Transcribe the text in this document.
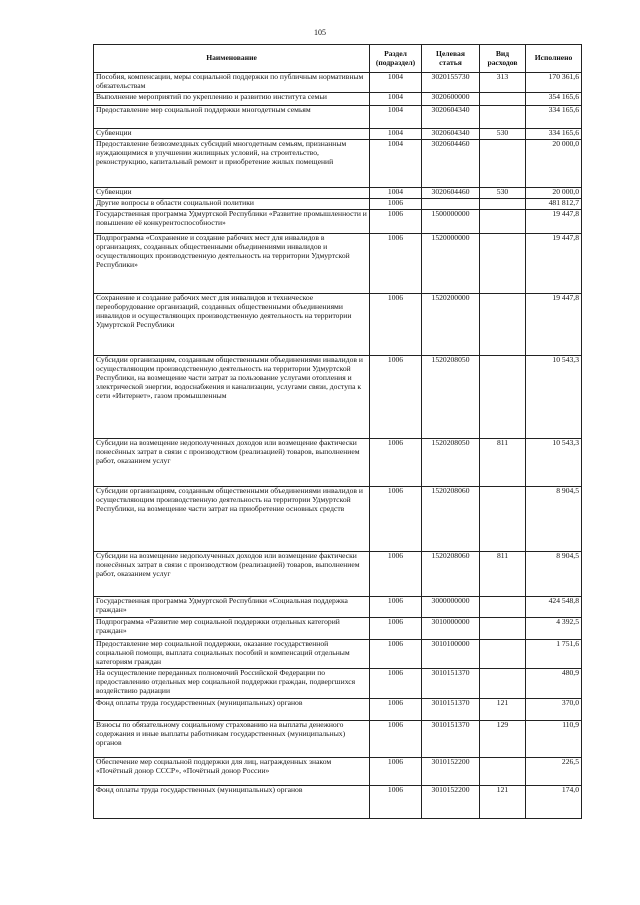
105
Наименование	Раздел (подраздел)	Целевая статья	Вид расходов	Исполнено
Пособия, компенсации, меры социальной поддержки по публичным нормативным обязательствам	1004	3020155730	313	170 361,6
Выполнение мероприятий по укреплению и развитию института семьи	1004	3020600000		354 165,6
Предоставление мер социальной поддержки многодетным семьям	1004	3020604340		334 165,6
Субвенции	1004	3020604340	530	334 165,6
Предоставление безвозмездных субсидий многодетным семьям, признанным нуждающимися в улучшении жилищных условий, на строительство, реконструкцию, капитальный ремонт и приобретение жилых помещений	1004	3020604460		20 000,0
Субвенции	1004	3020604460	530	20 000,0
Другие вопросы в области социальной политики	1006			481 812,7
Государственная программа Удмуртской Республики «Развитие промышленности и повышение её конкурентоспособности»	1006	1500000000		19 447,8
Подпрограмма «Сохранение и создание рабочих мест для инвалидов в организациях, созданных общественными объединениями инвалидов и осуществляющих производственную деятельность на территории Удмуртской Республики»	1006	1520000000		19 447,8
Сохранение и создание рабочих мест для инвалидов и техническое переоборудование организаций, созданных общественными объединениями инвалидов и осуществляющих производственную деятельность на территории Удмуртской Республики	1006	1520200000		19 447,8
Субсидии организациям, созданным общественными объединениями инвалидов и осуществляющим производственную деятельность на территории Удмуртской Республики, на возмещение части затрат за пользование услугами отопления и электрической энергии, водоснабжения и канализации, услугами связи, доступа к сети «Интернет», газом промышленным	1006	1520208050		10 543,3
Субсидии на возмещение недополученных доходов или возмещение фактически понесённых затрат в связи с производством (реализацией) товаров, выполнением работ, оказанием услуг	1006	1520208050	811	10 543,3
Субсидии организациям, созданным общественными объединениями инвалидов и осуществляющим производственную деятельность на территории Удмуртской Республики, на возмещение части затрат на приобретение основных средств	1006	1520208060		8 904,5
Субсидии на возмещение недополученных доходов или возмещение фактически понесённых затрат в связи с производством (реализацией) товаров, выполнением работ, оказанием услуг	1006	1520208060	811	8 904,5
Государственная программа Удмуртской Республики «Социальная поддержка граждан»	1006	3000000000		424 548,8
Подпрограмма «Развитие мер социальной поддержки отдельных категорий граждан»	1006	3010000000		4 392,5
Предоставление мер социальной поддержки, оказание государственной социальной помощи, выплата социальных пособий и компенсаций отдельным категориям граждан	1006	3010100000		1 751,6
На осуществление переданных полномочий Российской Федерации по предоставлению отдельных мер социальной поддержки граждан, подвергшихся воздействию радиации	1006	3010151370		480,9
Фонд оплаты труда государственных (муниципальных) органов	1006	3010151370	121	370,0
Взносы по обязательному социальному страхованию на выплаты денежного содержания и иные выплаты работникам государственных (муниципальных) органов	1006	3010151370	129	110,9
Обеспечение мер социальной поддержки для лиц, награжденных знаком «Почётный донор СССР», «Почётный донор России»	1006	3010152200		226,5
Фонд оплаты труда государственных (муниципальных) органов	1006	3010152200	121	174,0
